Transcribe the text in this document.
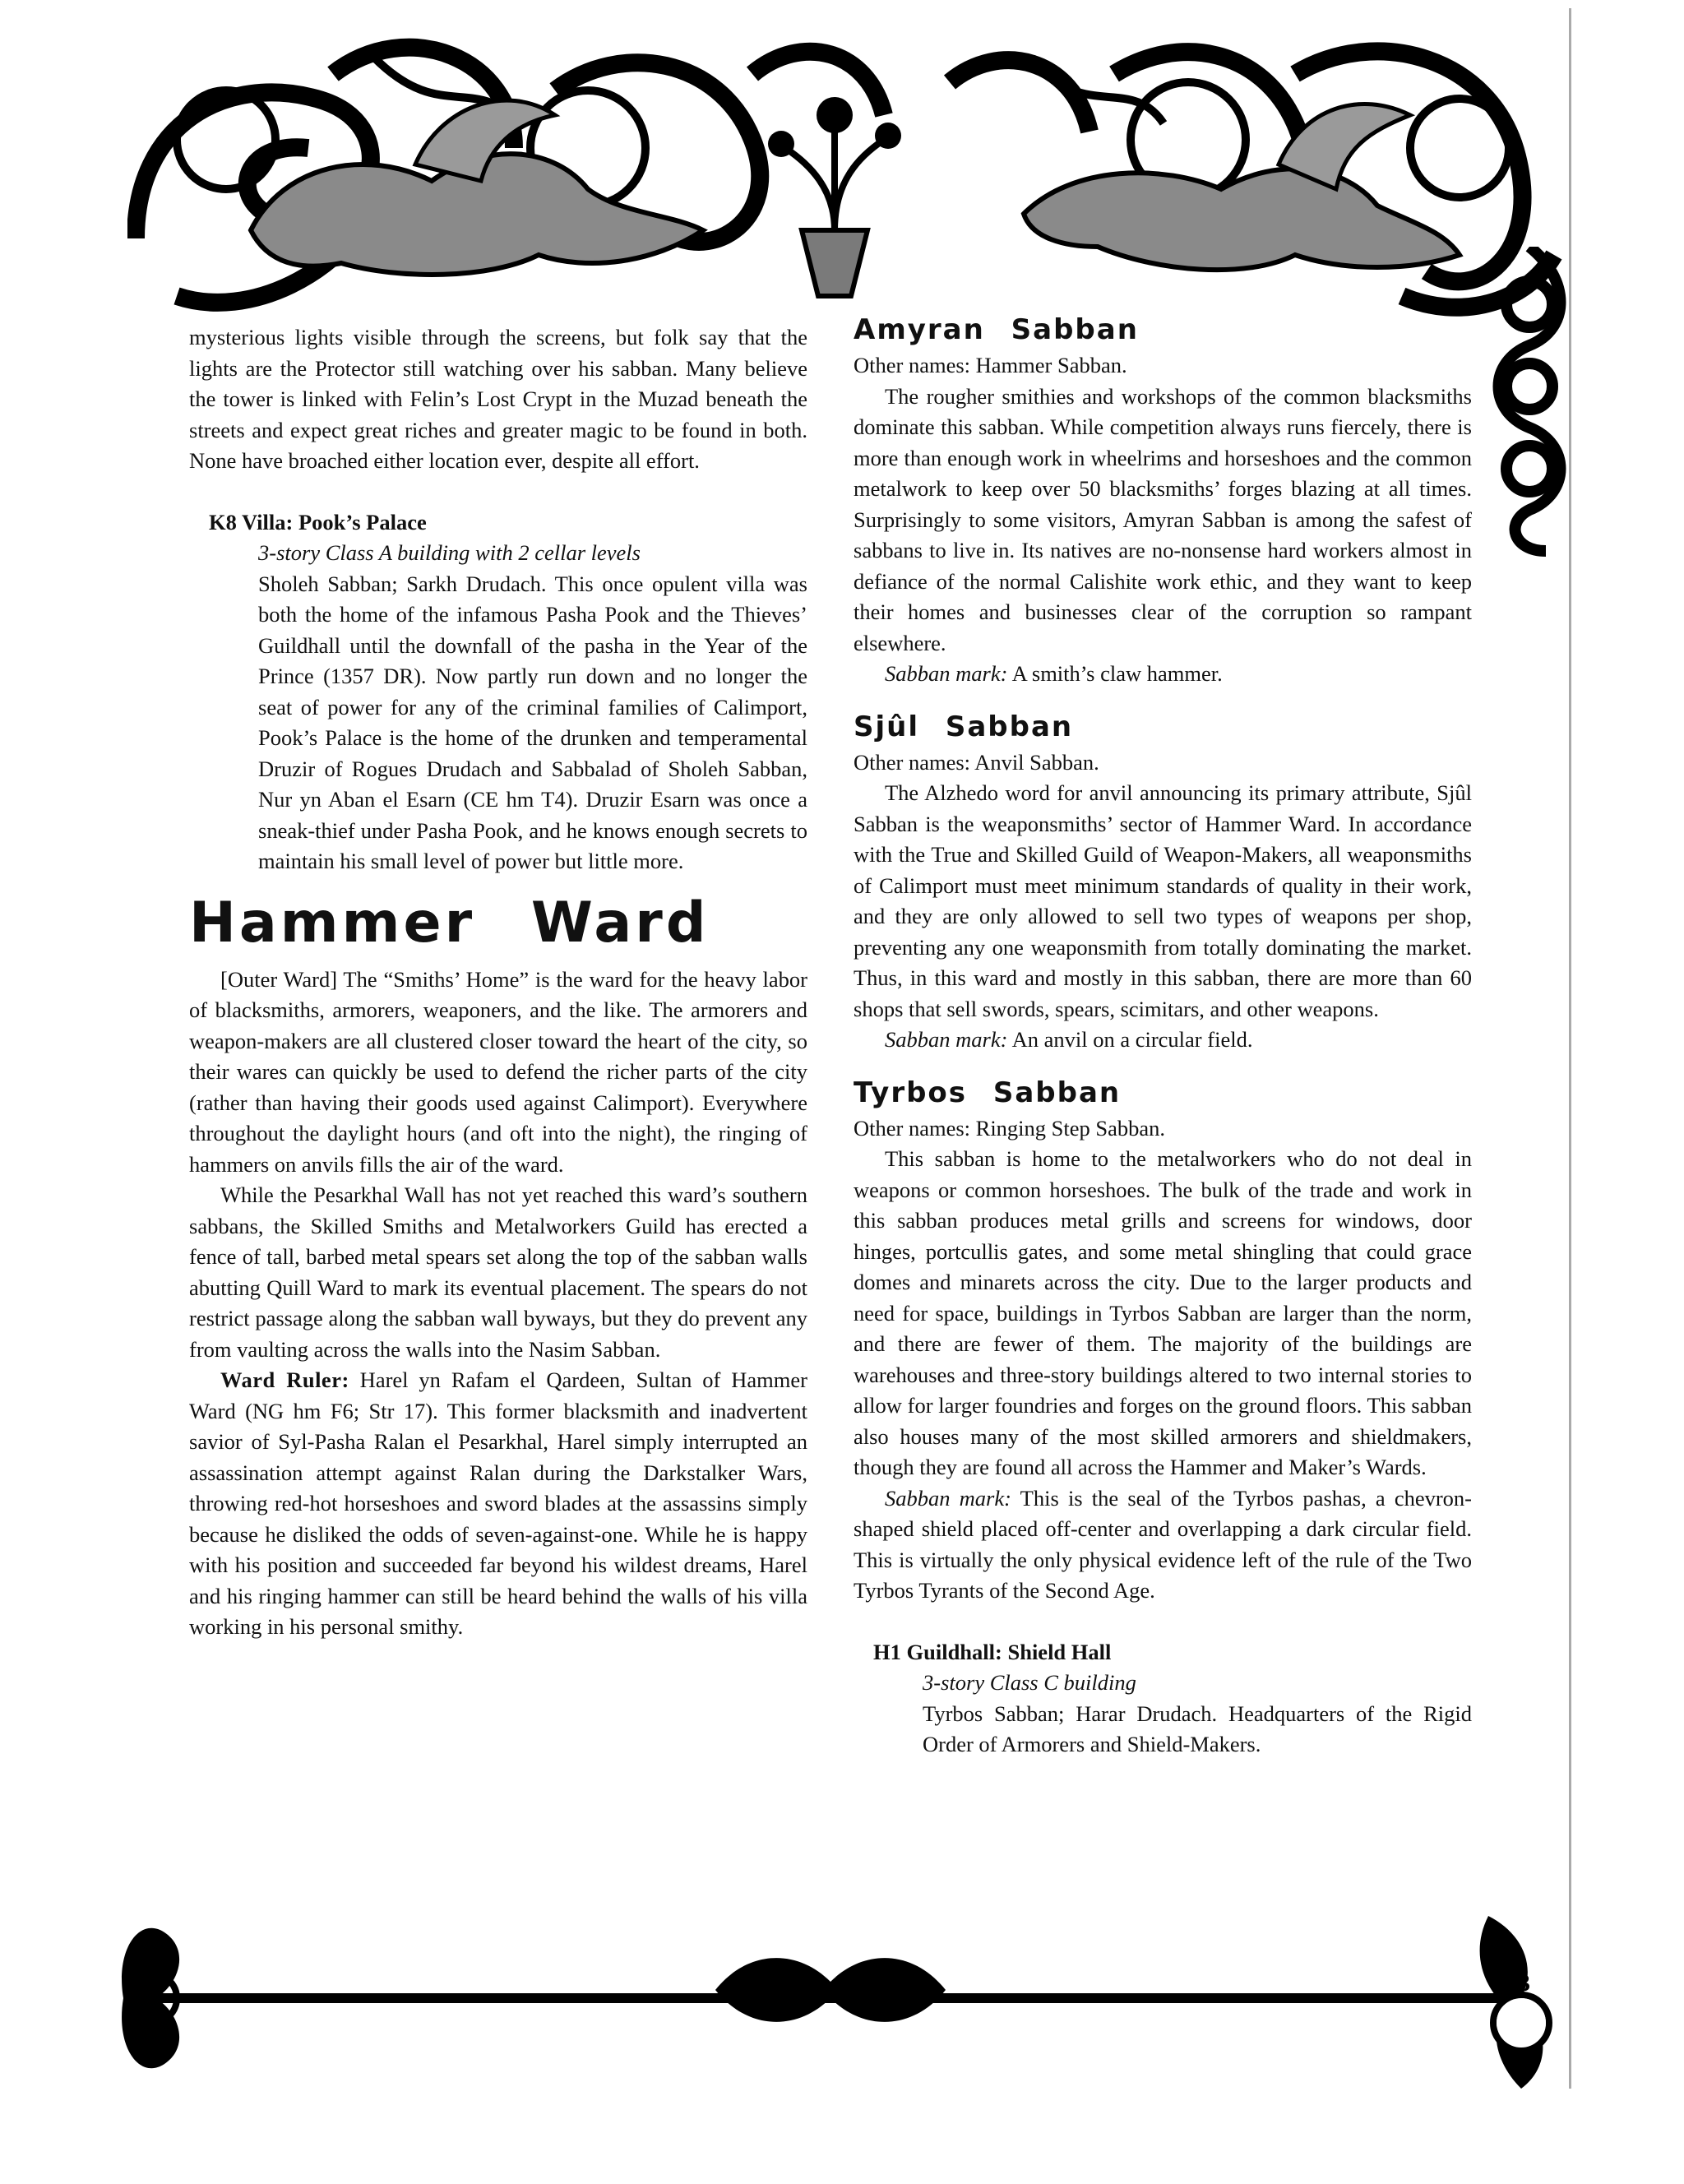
43

mysterious lights visible through the screens, but folk say that the lights are the Protector still watching over his sabban. Many believe the tower is linked with Felin’s Lost Crypt in the Muzad beneath the streets and expect great riches and greater magic to be found in both. None have broached either location ever, despite all effort.

K8 Villa: Pook’s Palace
3-story Class A building with 2 cellar levels

Sholeh Sabban; Sarkh Drudach. This once opulent villa was both the home of the infamous Pasha Pook and the Thieves’ Guildhall until the downfall of the pasha in the Year of the Prince (1357 DR). Now partly run down and no longer the seat of power for any of the criminal families of Calimport, Pook’s Palace is the home of the drunken and temperamental Druzir of Rogues Drudach and Sabbalad of Sholeh Sabban, Nur yn Aban el Esarn (CE hm T4). Druzir Esarn was once a sneak-thief under Pasha Pook, and he knows enough secrets to maintain his small level of power but little more.

Hammer Ward

[Outer Ward] The “Smiths’ Home” is the ward for the heavy labor of blacksmiths, armorers, weaponers, and the like. The armorers and weapon-makers are all clustered closer toward the heart of the city, so their wares can quickly be used to defend the richer parts of the city (rather than having their goods used against Calimport). Everywhere throughout the daylight hours (and oft into the night), the ringing of hammers on anvils fills the air of the ward.

While the Pesarkhal Wall has not yet reached this ward’s southern sabbans, the Skilled Smiths and Metalworkers Guild has erected a fence of tall, barbed metal spears set along the top of the sabban walls abutting Quill Ward to mark its eventual placement. The spears do not restrict passage along the sabban wall byways, but they do prevent any from vaulting across the walls into the Nasim Sabban.

Ward Ruler: Harel yn Rafam el Qardeen, Sultan of Hammer Ward (NG hm F6; Str 17). This former blacksmith and inadvertent savior of Syl-Pasha Ralan el Pesarkhal, Harel simply interrupted an assassination attempt against Ralan during the Darkstalker Wars, throwing red-hot horseshoes and sword blades at the assassins simply because he disliked the odds of seven-against-one. While he is happy with his position and succeeded far beyond his wildest dreams, Harel and his ringing hammer can still be heard behind the walls of his villa working in his personal smithy.

Amyran Sabban

Other names: Hammer Sabban.

The rougher smithies and workshops of the common blacksmiths dominate this sabban. While competition always runs fiercely, there is more than enough work in wheelrims and horseshoes and the common metalwork to keep over 50 blacksmiths’ forges blazing at all times. Surprisingly to some visitors, Amyran Sabban is among the safest of sabbans to live in. Its natives are no-nonsense hard workers almost in defiance of the normal Calishite work ethic, and they want to keep their homes and businesses clear of the corruption so rampant elsewhere.

Sabban mark: A smith’s claw hammer.

Sjûl Sabban

Other names: Anvil Sabban.

The Alzhedo word for anvil announcing its primary attribute, Sjûl Sabban is the weaponsmiths’ sector of Hammer Ward. In accordance with the True and Skilled Guild of Weapon-Makers, all weaponsmiths of Calimport must meet minimum standards of quality in their work, and they are only allowed to sell two types of weapons per shop, preventing any one weaponsmith from totally dominating the market. Thus, in this ward and mostly in this sabban, there are more than 60 shops that sell swords, spears, scimitars, and other weapons.

Sabban mark: An anvil on a circular field.

Tyrbos Sabban

Other names: Ringing Step Sabban.

This sabban is home to the metalworkers who do not deal in weapons or common horseshoes. The bulk of the trade and work in this sabban produces metal grills and screens for windows, door hinges, portcullis gates, and some metal shingling that could grace domes and minarets across the city. Due to the larger products and need for space, buildings in Tyrbos Sabban are larger than the norm, and there are fewer of them. The majority of the buildings are warehouses and three-story buildings altered to two internal stories to allow for larger foundries and forges on the ground floors. This sabban also houses many of the most skilled armorers and shieldmakers, though they are found all across the Hammer and Maker’s Wards.

Sabban mark: This is the seal of the Tyrbos pashas, a chevron-shaped shield placed off-center and overlapping a dark circular field. This is virtually the only physical evidence left of the rule of the Two Tyrbos Tyrants of the Second Age.

H1 Guildhall: Shield Hall
3-story Class C building

Tyrbos Sabban; Harar Drudach. Headquarters of the Rigid Order of Armorers and Shield-Makers.
